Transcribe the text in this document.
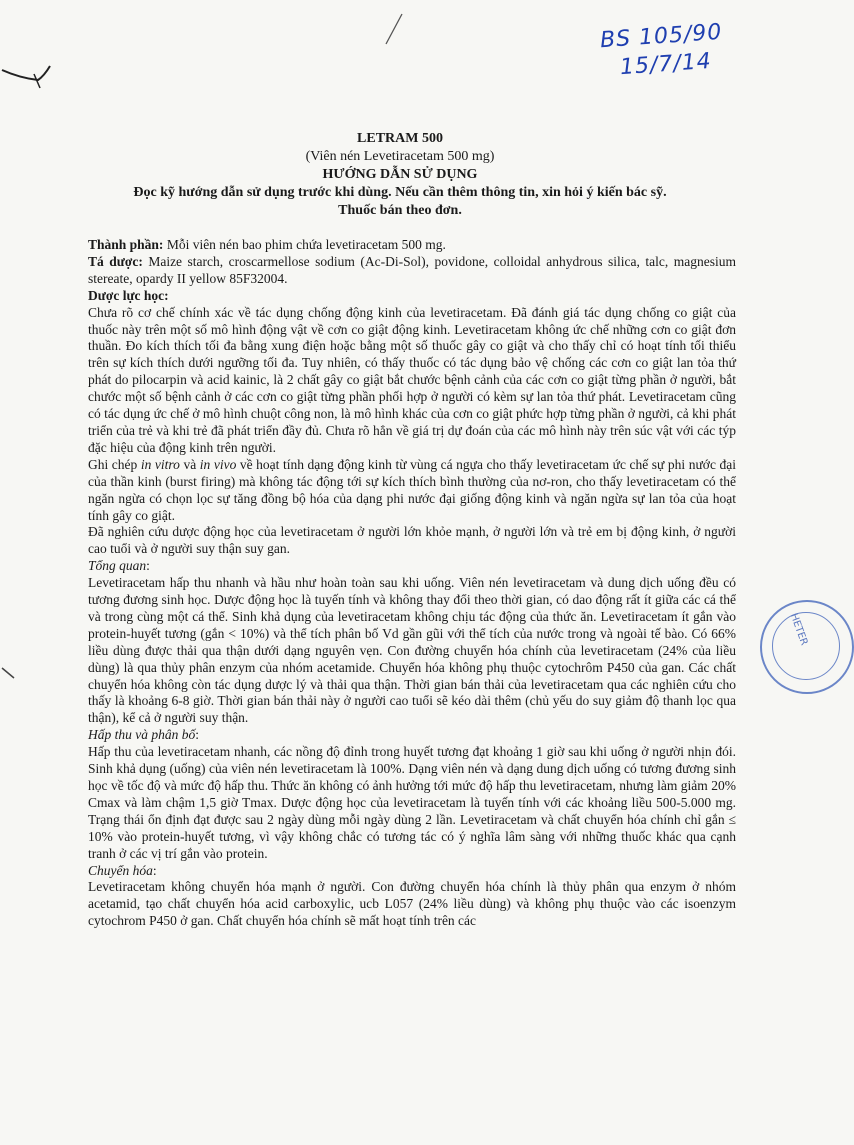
BS 105/90
15/7/14
HETER
LETRAM 500
(Viên nén Levetiracetam 500 mg)
HƯỚNG DẪN SỬ DỤNG
Đọc kỹ hướng dẫn sử dụng trước khi dùng. Nếu cần thêm thông tin, xin hỏi ý kiến bác sỹ.
Thuốc bán theo đơn.

Thành phần: Mỗi viên nén bao phim chứa levetiracetam 500 mg.

Tá dược: Maize starch, croscarmellose sodium (Ac-Di-Sol), povidone, colloidal anhydrous silica, talc, magnesium stereate, opardy II yellow 85F32004.

Dược lực học:

Chưa rõ cơ chế chính xác về tác dụng chống động kinh của levetiracetam. Đã đánh giá tác dụng chống co giật của thuốc này trên một số mô hình động vật về cơn co giật động kinh. Levetiracetam không ức chế những cơn co giật đơn thuần. Đo kích thích tối đa bằng xung điện hoặc bằng một số thuốc gây co giật và cho thấy chỉ có hoạt tính tối thiểu trên sự kích thích dưới ngưỡng tối đa. Tuy nhiên, có thấy thuốc có tác dụng bảo vệ chống các cơn co giật lan tỏa thứ phát do pilocarpin và acid kainic, là 2 chất gây co giật bắt chước bệnh cảnh của các cơn co giật từng phần ở người, bắt chước một số bệnh cảnh ở các cơn co giật từng phần phối hợp ở người có kèm sự lan tỏa thứ phát. Levetiracetam cũng có tác dụng ức chế ở mô hình chuột công non, là mô hình khác của cơn co giật phức hợp từng phần ở người, cả khi phát triển của trẻ và khi trẻ đã phát triển đầy đủ. Chưa rõ hẳn về giá trị dự đoán của các mô hình này trên súc vật với các týp đặc hiệu của động kinh trên người.

Ghi chép in vitro và in vivo về hoạt tính dạng động kinh từ vùng cá ngựa cho thấy levetiracetam ức chế sự phi nước đại của thần kinh (burst firing) mà không tác động tới sự kích thích bình thường của nơ-ron, cho thấy levetiracetam có thể ngăn ngừa có chọn lọc sự tăng đồng bộ hóa của dạng phi nước đại giống động kinh và ngăn ngừa sự lan tỏa của hoạt tính gây co giật.

Đã nghiên cứu dược động học của levetiracetam ở người lớn khỏe mạnh, ở người lớn và trẻ em bị động kinh, ở người cao tuổi và ở người suy thận suy gan.

Tổng quan:

Levetiracetam hấp thu nhanh và hầu như hoàn toàn sau khi uống. Viên nén levetiracetam và dung dịch uống đều có tương đương sinh học. Dược động học là tuyến tính và không thay đổi theo thời gian, có dao động rất ít giữa các cá thể và trong cùng một cá thể. Sinh khả dụng của levetiracetam không chịu tác động của thức ăn. Levetiracetam ít gắn vào protein-huyết tương (gắn < 10%) và thể tích phân bố Vd gần gũi với thể tích của nước trong và ngoài tế bào. Có 66% liều dùng được thải qua thận dưới dạng nguyên vẹn. Con đường chuyển hóa chính của levetiracetam (24% của liều dùng) là qua thủy phân enzym của nhóm acetamide. Chuyển hóa không phụ thuộc cytochrôm P450 của gan. Các chất chuyển hóa không còn tác dụng dược lý và thải qua thận. Thời gian bán thải của levetiracetam qua các nghiên cứu cho thấy là khoảng 6-8 giờ. Thời gian bán thải này ở người cao tuổi sẽ kéo dài thêm (chủ yếu do suy giảm độ thanh lọc qua thận), kể cả ở người suy thận.

Hấp thu và phân bố:

Hấp thu của levetiracetam nhanh, các nồng độ đỉnh trong huyết tương đạt khoảng 1 giờ sau khi uống ở người nhịn đói. Sinh khả dụng (uống) của viên nén levetiracetam là 100%. Dạng viên nén và dạng dung dịch uống có tương đương sinh học về tốc độ và mức độ hấp thu. Thức ăn không có ảnh hưởng tới mức độ hấp thu levetiracetam, nhưng làm giảm 20% Cmax và làm chậm 1,5 giờ Tmax. Dược động học của levetiracetam là tuyến tính với các khoảng liều 500-5.000 mg. Trạng thái ổn định đạt được sau 2 ngày dùng mỗi ngày dùng 2 lần. Levetiracetam và chất chuyển hóa chính chỉ gắn ≤ 10% vào protein-huyết tương, vì vậy không chắc có tương tác có ý nghĩa lâm sàng với những thuốc khác qua cạnh tranh ở các vị trí gắn vào protein.

Chuyển hóa:

Levetiracetam không chuyển hóa mạnh ở người. Con đường chuyển hóa chính là thủy phân qua enzym ở nhóm acetamid, tạo chất chuyển hóa acid carboxylic, ucb L057 (24% liều dùng) và không phụ thuộc vào các isoenzym cytochrom P450 ở gan. Chất chuyển hóa chính sẽ mất hoạt tính trên các
